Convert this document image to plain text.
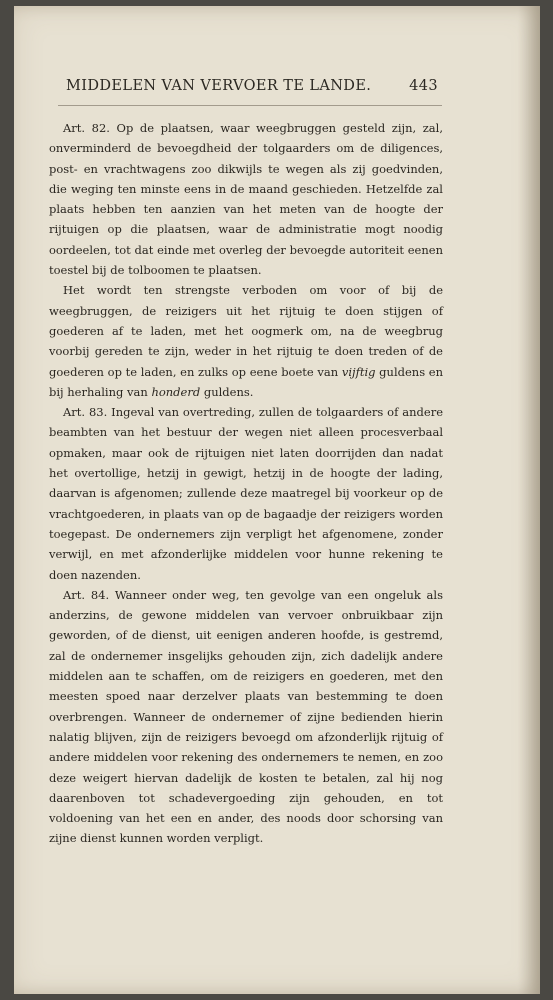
MIDDELEN VAN VERVOER TE LANDE.	443

Art. 82. Op de plaatsen, waar weegbruggen gesteld zijn, zal, onverminderd de bevoegdheid der tolgaarders om de diligences, post- en vrachtwagens zoo dikwijls te wegen als zij goedvinden, die weging ten minste eens in de maand geschieden. Hetzelfde zal plaats hebben ten aanzien van het meten van de hoogte der rijtuigen op die plaatsen, waar de administratie mogt noodig oordeelen, tot dat einde met overleg der bevoegde autoriteit eenen toestel bij de tolboomen te plaatsen.

Het wordt ten strengste verboden om voor of bij de weegbruggen, de reizigers uit het rijtuig te doen stijgen of goederen af te laden, met het oogmerk om, na de weegbrug voorbij gereden te zijn, weder in het rijtuig te doen treden of de goederen op te laden, en zulks op eene boete van vijftig guldens en bij herhaling van honderd guldens.

Art. 83. Ingeval van overtreding, zullen de tolgaarders of andere beambten van het bestuur der wegen niet alleen procesverbaal opmaken, maar ook de rijtuigen niet laten doorrijden dan nadat het overtollige, hetzij in gewigt, hetzij in de hoogte der lading, daarvan is afgenomen; zullende deze maatregel bij voorkeur op de vrachtgoederen, in plaats van op de bagaadje der reizigers worden toegepast. De ondernemers zijn verpligt het afgenomene, zonder verwijl, en met afzonderlijke middelen voor hunne rekening te doen nazenden.

Art. 84. Wanneer onder weg, ten gevolge van een ongeluk als anderzins, de gewone middelen van vervoer onbruikbaar zijn geworden, of de dienst, uit eenigen anderen hoofde, is gestremd, zal de ondernemer insgelijks gehouden zijn, zich dadelijk andere middelen aan te schaffen, om de reizigers en goederen, met den meesten spoed naar derzelver plaats van bestemming te doen overbrengen. Wanneer de ondernemer of zijne bedienden hierin nalatig blijven, zijn de reizigers bevoegd om afzonderlijk rijtuig of andere middelen voor rekening des ondernemers te nemen, en zoo deze weigert hiervan dadelijk de kosten te betalen, zal hij nog daarenboven tot schadevergoeding zijn gehouden, en tot voldoening van het een en ander, des noods door schorsing van zijne dienst kunnen worden verpligt.
